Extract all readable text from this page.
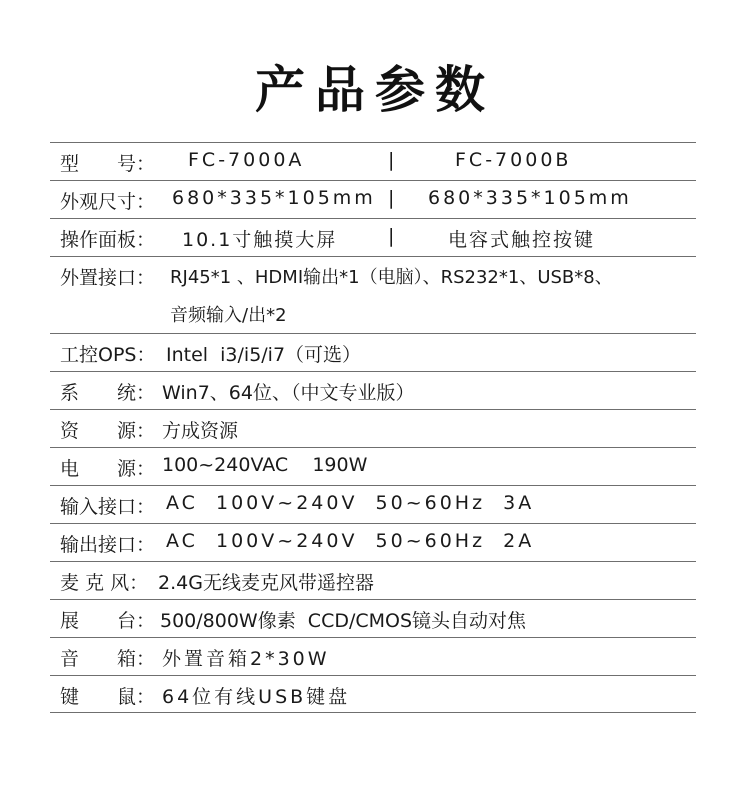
产品参数
型　　号： FC-7000A	|	FC-7000B
外观尺寸： 680*335*105mm | 680*335*105mm
操作面板： 10.1寸触摸大屏	|	电容式触控按键
外置接口： RJ45*1 、HDMI输出*1（电脑）、RS232*1、USB*8、
音频输入/出*2
工控OPS： Intel  i3/i5/i7（可选）
系　　统： Win7、64位、（中文专业版）
资　　源： 方成资源
电　　源： 100~240VAC    190W
输入接口： AC  100V~240V  50~60Hz  3A
输出接口： AC  100V~240V  50~60Hz  2A
麦 克 风： 2.4G无线麦克风带遥控器
展　　台： 500/800W像素  CCD/CMOS镜头自动对焦
音　　箱： 外置音箱2*30W
键　　鼠： 64位有线USB键盘
